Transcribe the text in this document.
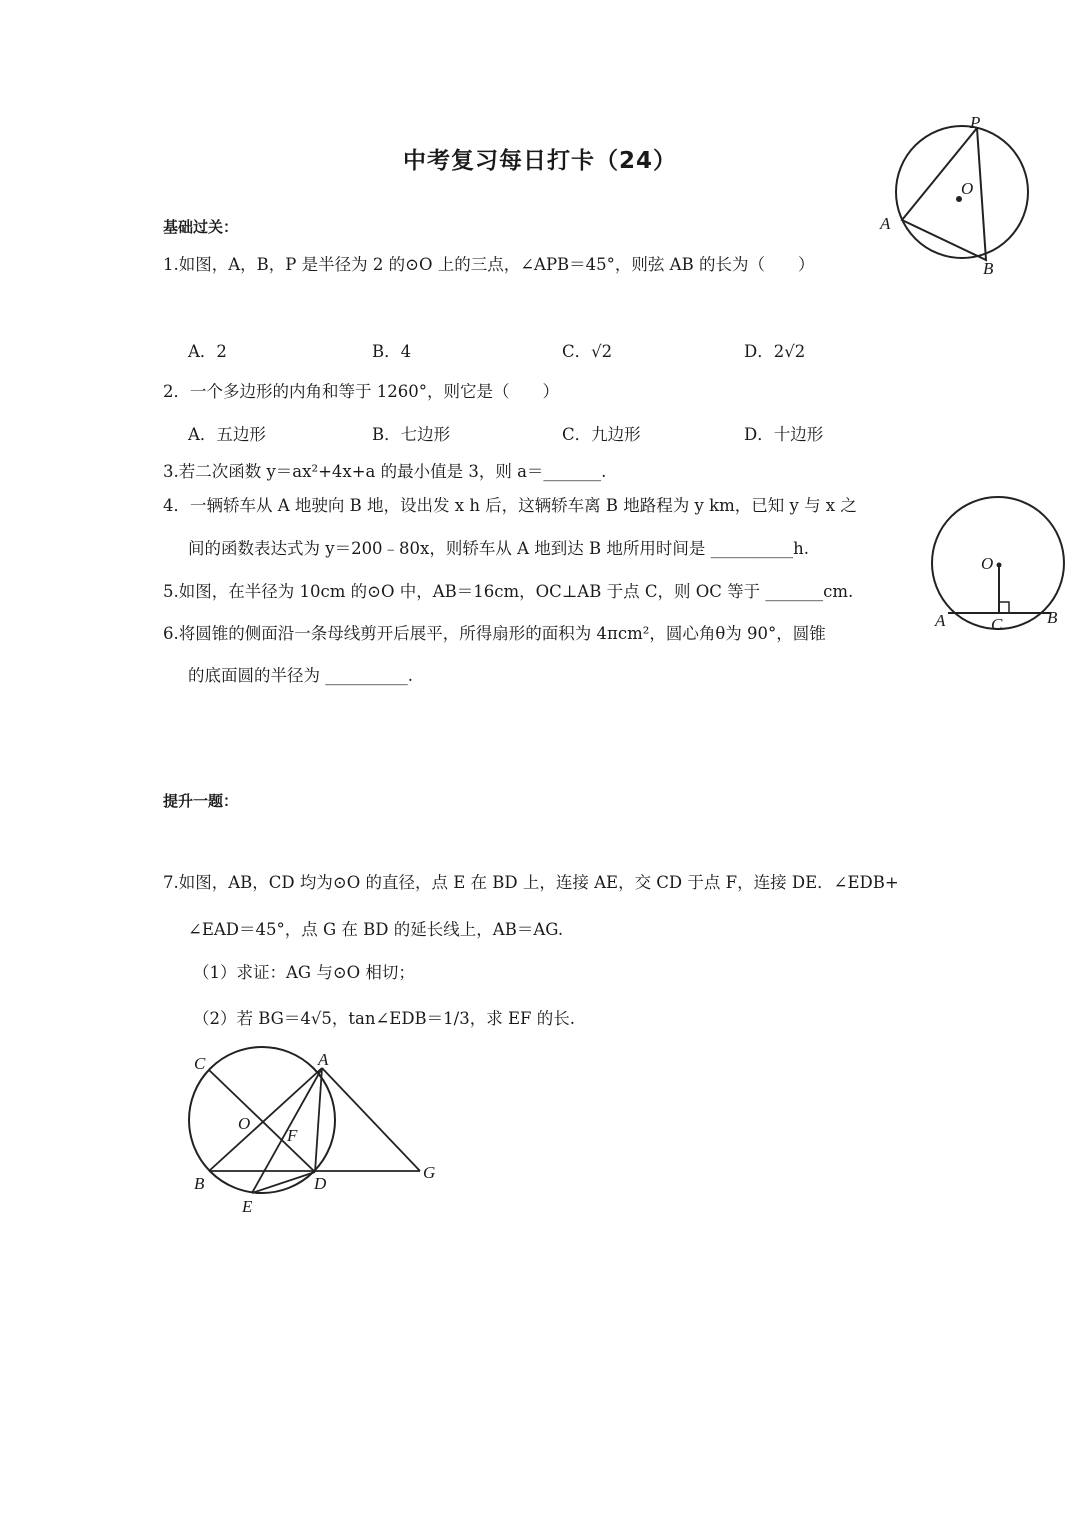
中考复习每日打卡（24）
基础过关：
1.如图，A，B，P 是半径为 2 的⊙O 上的三点，∠APB＝45°，则弦 AB 的长为（　　）
A．2	B．4	C．√2	D．2√2
2．一个多边形的内角和等于 1260°，则它是（　　）
A．五边形	B．七边形	C．九边形	D．十边形
3.若二次函数 y＝ax²+4x+a 的最小值是 3，则 a＝_______.
4．一辆轿车从 A 地驶向 B 地，设出发 x h 后，这辆轿车离 B 地路程为 y km，已知 y 与 x 之
间的函数表达式为 y＝200﹣80x，则轿车从 A 地到达 B 地所用时间是 __________h.
5.如图，在半径为 10cm 的⊙O 中，AB＝16cm，OC⊥AB 于点 C，则 OC 等于 _______cm.
6.将圆锥的侧面沿一条母线剪开后展平，所得扇形的面积为 4πcm²，圆心角θ为 90°，圆锥
的底面圆的半径为 __________.
提升一题：
7.如图，AB，CD 均为⊙O 的直径，点 E 在 BD 上，连接 AE，交 CD 于点 F，连接 DE．∠EDB+
∠EAD＝45°，点 G 在 BD 的延长线上，AB＝AG.
（1）求证：AG 与⊙O 相切；
（2）若 BG＝4√5，tan∠EDB＝1/3，求 EF 的长.
P
O
A
B
O
A	C	B
C	A
O
F
B	D
G
E
